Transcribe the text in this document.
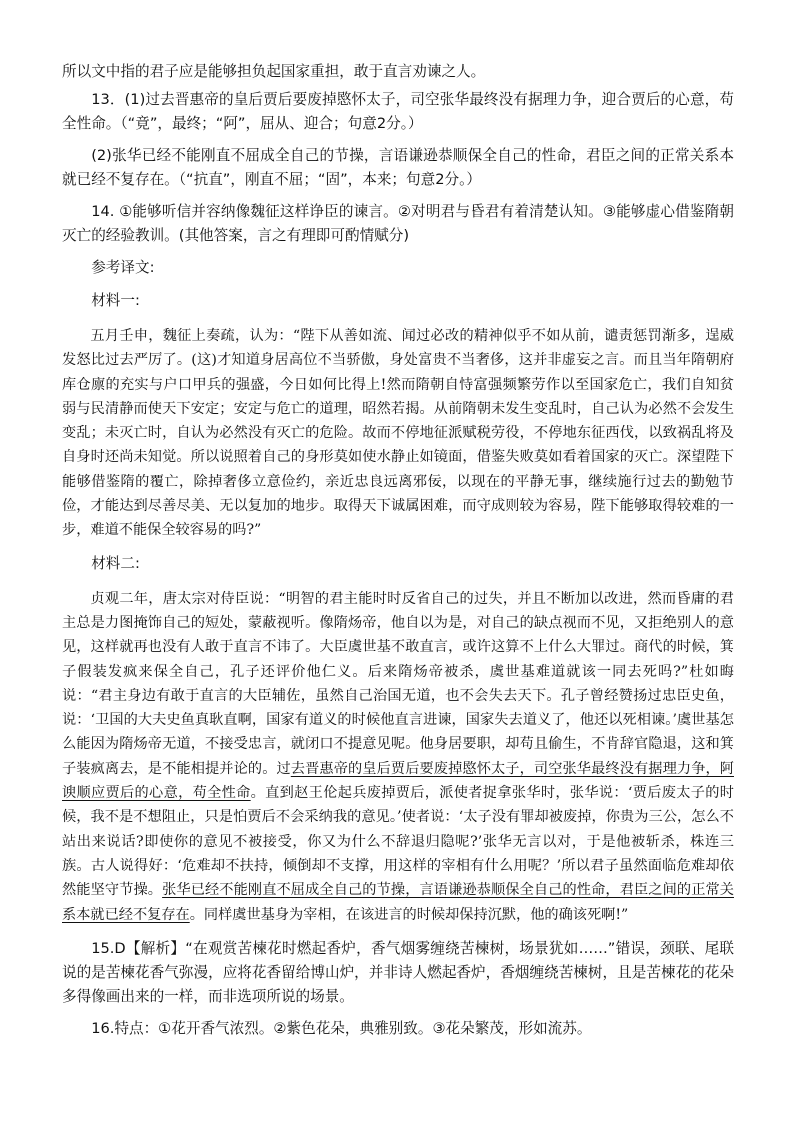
所以文中指的君子应是能够担负起国家重担，敢于直言劝谏之人。

13．(1)过去晋惠帝的皇后贾后要废掉愍怀太子，司空张华最终没有据理力争，迎合贾后的心意，苟全性命。（“竟”，最终；“阿”，屈从、迎合；句意2分。）

(2)张华已经不能刚直不屈成全自己的节操，言语谦逊恭顺保全自己的性命，君臣之间的正常关系本就已经不复存在。（“抗直”，刚直不屈；“固”，本来；句意2分。）

14. ①能够听信并容纳像魏征这样诤臣的谏言。②对明君与昏君有着清楚认知。③能够虚心借鉴隋朝灭亡的经验教训。(其他答案，言之有理即可酌情赋分)

参考译文:

材料一:

五月壬申，魏征上奏疏，认为：“陛下从善如流、闻过必改的精神似乎不如从前，谴责惩罚渐多，逞威发怒比过去严厉了。(这)才知道身居高位不当骄傲，身处富贵不当奢侈，这并非虚妄之言。而且当年隋朝府库仓廪的充实与户口甲兵的强盛，今日如何比得上!然而隋朝自恃富强频繁劳作以至国家危亡，我们自知贫弱与民清静而使天下安定；安定与危亡的道理，昭然若揭。从前隋朝未发生变乱时，自己认为必然不会发生变乱；未灭亡时，自认为必然没有灭亡的危险。故而不停地征派赋税劳役，不停地东征西伐，以致祸乱将及自身时还尚未知觉。所以说照着自己的身形莫如使水静止如镜面，借鉴失败莫如看着国家的灭亡。深望陛下能够借鉴隋的覆亡，除掉奢侈立意俭约，亲近忠良远离邪佞，以现在的平静无事，继续施行过去的勤勉节俭，才能达到尽善尽美、无以复加的地步。取得天下诚属困难，而守成则较为容易，陛下能够取得较难的一步，难道不能保全较容易的吗?”

材料二:

贞观二年，唐太宗对侍臣说：“明智的君主能时时反省自己的过失，并且不断加以改进，然而昏庸的君主总是力图掩饰自己的短处，蒙蔽视听。像隋炀帝，他自以为是，对自己的缺点视而不见，又拒绝别人的意见，这样就再也没有人敢于直言不讳了。大臣虞世基不敢直言，或许这算不上什么大罪过。商代的时候，箕子假装发疯来保全自己，孔子还评价他仁义。后来隋炀帝被杀，虞世基难道就该一同去死吗?”杜如晦说：“君主身边有敢于直言的大臣辅佐，虽然自己治国无道，也不会失去天下。孔子曾经赞扬过忠臣史鱼，说：‘卫国的大夫史鱼真耿直啊，国家有道义的时候他直言进谏，国家失去道义了，他还以死相谏。’虞世基怎么能因为隋炀帝无道，不接受忠言，就闭口不提意见呢。他身居要职，却苟且偷生，不肯辞官隐退，这和箕子装疯离去，是不能相提并论的。过去晋惠帝的皇后贾后要废掉愍怀太子，司空张华最终没有据理力争，阿谀顺应贾后的心意，苟全性命。直到赵王伦起兵废掉贾后，派使者捉拿张华时，张华说：‘贾后废太子的时候，我不是不想阻止，只是怕贾后不会采纳我的意见。’使者说：‘太子没有罪却被废掉，你贵为三公，怎么不站出来说话?即使你的意见不被接受，你又为什么不辞退归隐呢?’张华无言以对，于是他被斩杀，株连三族。古人说得好：‘危难却不扶持，倾倒却不支撑，用这样的宰相有什么用呢？’所以君子虽然面临危难却依然能坚守节操。张华已经不能刚直不屈成全自己的节操，言语谦逊恭顺保全自己的性命，君臣之间的正常关系本就已经不复存在。同样虞世基身为宰相，在该进言的时候却保持沉默，他的确该死啊!”

15.D【解析】“在观赏苦楝花时燃起香炉，香气烟雾缠绕苦楝树，场景犹如……”错误，颈联、尾联说的是苦楝花香气弥漫，应将花香留给博山炉，并非诗人燃起香炉，香烟缠绕苦楝树，且是苦楝花的花朵多得像画出来的一样，而非选项所说的场景。

16.特点：①花开香气浓烈。②紫色花朵，典雅别致。③花朵繁茂，形如流苏。
